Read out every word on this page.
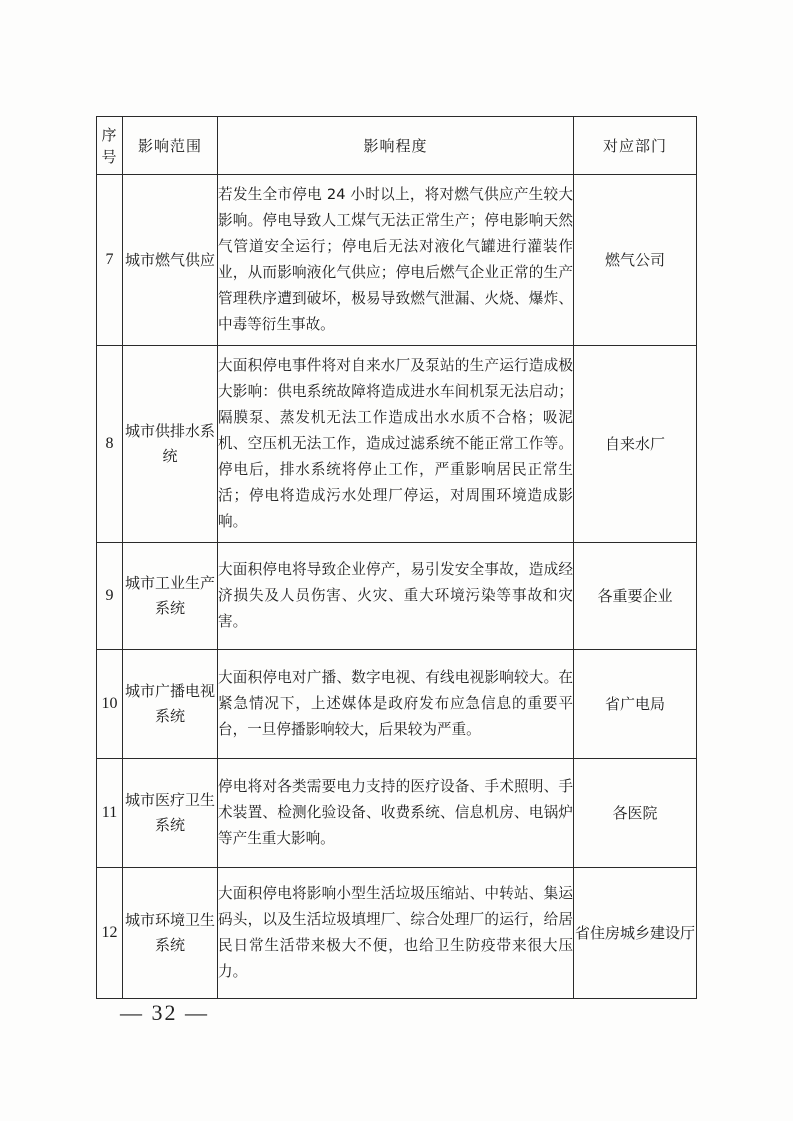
序号	影响范围	影响程度	对应部门
7	城市燃气供应	若发生全市停电 24 小时以上，将对燃气供应产生较大影响。停电导致人工煤气无法正常生产；停电影响天然气管道安全运行；停电后无法对液化气罐进行灌装作业，从而影响液化气供应；停电后燃气企业正常的生产管理秩序遭到破坏，极易导致燃气泄漏、火烧、爆炸、中毒等衍生事故。	燃气公司
8	城市供排水系统	大面积停电事件将对自来水厂及泵站的生产运行造成极大影响：供电系统故障将造成进水车间机泵无法启动；隔膜泵、蒸发机无法工作造成出水水质不合格；吸泥机、空压机无法工作，造成过滤系统不能正常工作等。停电后，排水系统将停止工作，严重影响居民正常生活；停电将造成污水处理厂停运，对周围环境造成影响。	自来水厂
9	城市工业生产系统	大面积停电将导致企业停产，易引发安全事故，造成经济损失及人员伤害、火灾、重大环境污染等事故和灾害。	各重要企业
10	城市广播电视系统	大面积停电对广播、数字电视、有线电视影响较大。在紧急情况下，上述媒体是政府发布应急信息的重要平台，一旦停播影响较大，后果较为严重。	省广电局
11	城市医疗卫生系统	停电将对各类需要电力支持的医疗设备、手术照明、手术装置、检测化验设备、收费系统、信息机房、电锅炉等产生重大影响。	各医院
12	城市环境卫生系统	大面积停电将影响小型生活垃圾压缩站、中转站、集运码头，以及生活垃圾填埋厂、综合处理厂的运行，给居民日常生活带来极大不便，也给卫生防疫带来很大压力。	省住房城乡建设厅
— 32 —
